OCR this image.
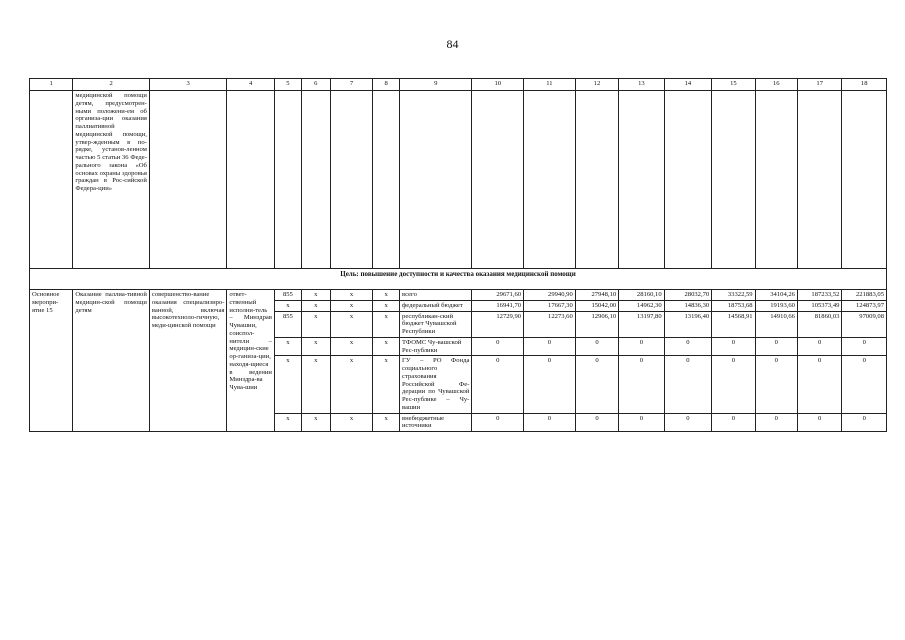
84
1	2	3	4	5	6	7	8	9	10	11	12	13	14	15	16	17	18
	медицинской помощи детям, предусмотрен-ными положени-ем об организа-ции оказания паллиативной медицинской помощи, утвер-жденным в по-рядке, установ-ленном частью 5 статьи 36 Феде-рального закона «Об основах охраны здоровья граждан в Рос-сийской Федера-ции»																
Цель: повышение доступности и качества оказания медицинской помощи																	
Основное меропри-ятие 15	Оказание паллиа-тивной медицин-ской помощи детям	совершенство-вание оказания специализиро-ванной, включая высокотехноло-гичную, меди-цинской помощи	ответ-ственный исполни-тель – Минздрав Чувашии, соиспол-нители – медицин-ские ор-ганиза-ции, находя-щиеся в ведении Минздра-ва Чува-шии	855	x	x	x	всего	29671,60	29940,90	27948,10	28160,10	28032,70	33322,59	34104,26	187233,52	221883,05
				x	x	x	x	федеральный бюджет	16941,70	17667,30	15042,00	14962,30	14836,30	18753,68	19193,60	105373,49	124873,97
				855	x	x	x	республикан-ский бюджет Чувашской Республики	12729,90	12273,60	12906,10	13197,80	13196,40	14568,91	14910,66	81860,03	97009,08
				x	x	x	x	ТФОМС Чу-вашской Рес-публики	0	0	0	0	0	0	0	0	0
				x	x	x	x	ГУ – РО Фонда социального страхования Российской Фе-дерации по Чувашской Рес-публике – Чу-вашии	0	0	0	0	0	0	0	0	0
				x	x	x	x	внебюджетные источники	0	0	0	0	0	0	0	0	0
